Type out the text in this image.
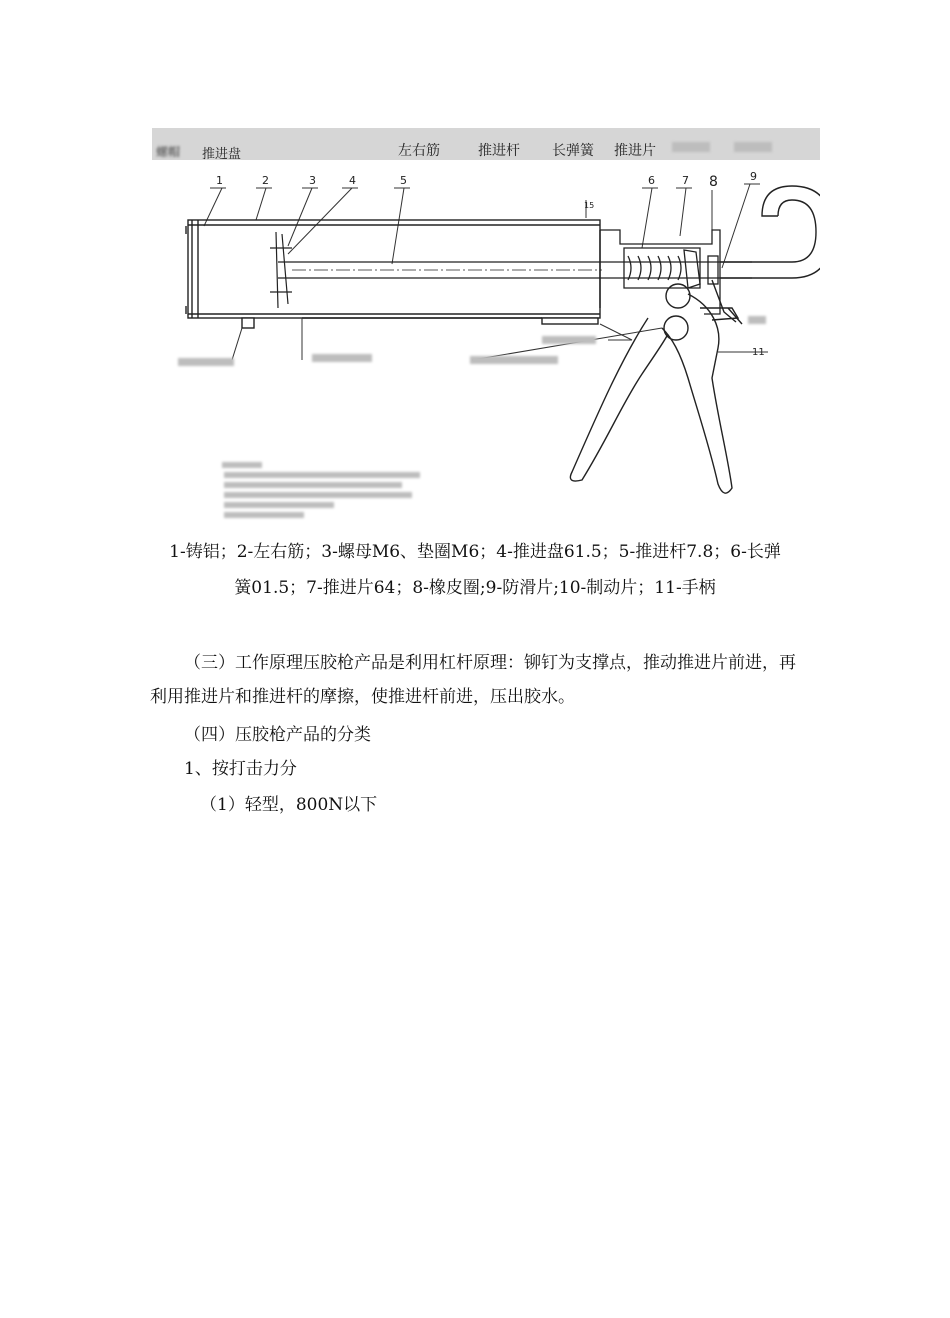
螺帽 推进盘	左右筋	推进杆 长弹簧 推进片
1	2	3	4	5	6 7 8	9
11
15
1-铸铝；2-左右筋；3-螺母M6、垫圈M6；4-推进盘61.5；5-推进杆7.8；6-长弹
簧01.5；7-推进片64；8-橡皮圈;9-防滑片;10-制动片；11-手柄
（三）工作原理压胶枪产品是利用杠杆原理：铆钉为支撑点，推动推进片前进，再利用推进片和推进杆的摩擦，使推进杆前进，压出胶水。
（四）压胶枪产品的分类
1、按打击力分
（1）轻型，800N以下
